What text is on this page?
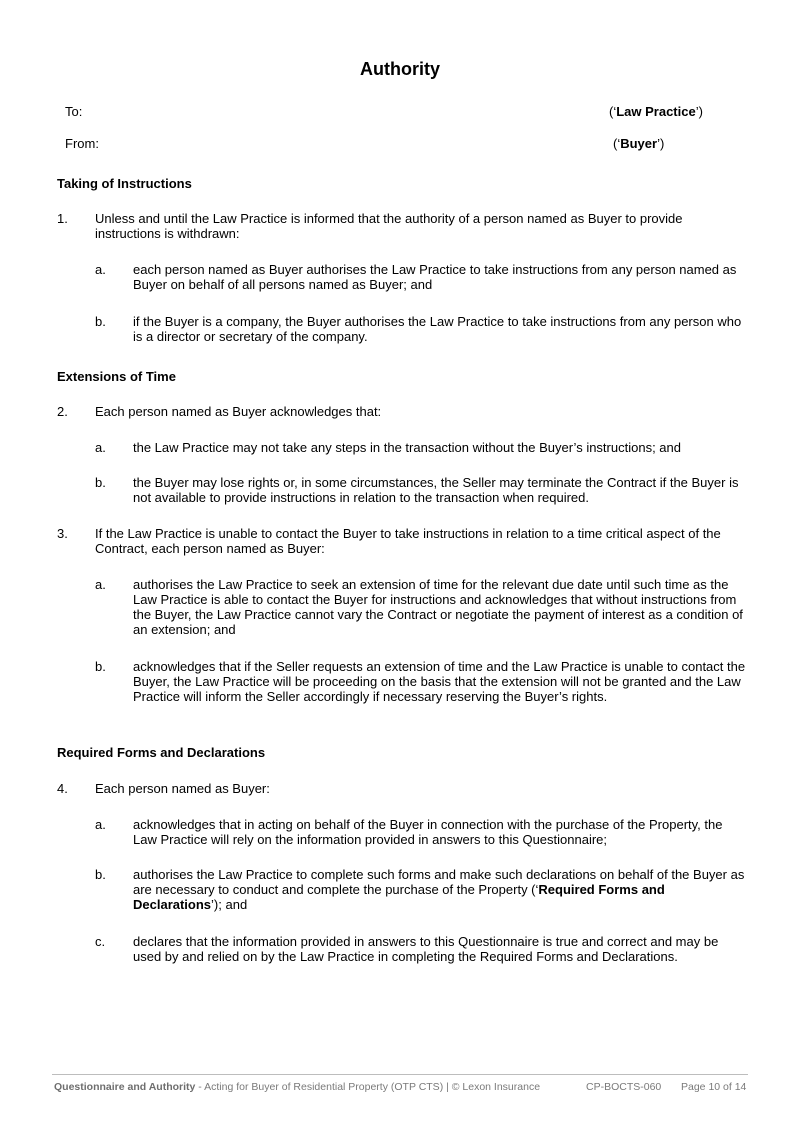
Authority
To:	(‘Law Practice’)
From:	(‘Buyer’)
Taking of Instructions
1. Unless and until the Law Practice is informed that the authority of a person named as Buyer to provide instructions is withdrawn:
a. each person named as Buyer authorises the Law Practice to take instructions from any person named as Buyer on behalf of all persons named as Buyer; and
b. if the Buyer is a company, the Buyer authorises the Law Practice to take instructions from any person who is a director or secretary of the company.
Extensions of Time
2. Each person named as Buyer acknowledges that:
a. the Law Practice may not take any steps in the transaction without the Buyer’s instructions; and
b. the Buyer may lose rights or, in some circumstances, the Seller may terminate the Contract if the Buyer is not available to provide instructions in relation to the transaction when required.
3. If the Law Practice is unable to contact the Buyer to take instructions in relation to a time critical aspect of the Contract, each person named as Buyer:
a. authorises the Law Practice to seek an extension of time for the relevant due date until such time as the Law Practice is able to contact the Buyer for instructions and acknowledges that without instructions from the Buyer, the Law Practice cannot vary the Contract or negotiate the payment of interest as a condition of an extension; and
b. acknowledges that if the Seller requests an extension of time and the Law Practice is unable to contact the Buyer, the Law Practice will be proceeding on the basis that the extension will not be granted and the Law Practice will inform the Seller accordingly if necessary reserving the Buyer’s rights.
Required Forms and Declarations
4. Each person named as Buyer:
a. acknowledges that in acting on behalf of the Buyer in connection with the purchase of the Property, the Law Practice will rely on the information provided in answers to this Questionnaire;
b. authorises the Law Practice to complete such forms and make such declarations on behalf of the Buyer as are necessary to conduct and complete the purchase of the Property (‘Required Forms and Declarations’); and
c. declares that the information provided in answers to this Questionnaire is true and correct and may be used by and relied on by the Law Practice in completing the Required Forms and Declarations.
Questionnaire and Authority - Acting for Buyer of Residential Property (OTP CTS) | © Lexon Insurance	CP-BOCTS-060 Page 10 of 14
